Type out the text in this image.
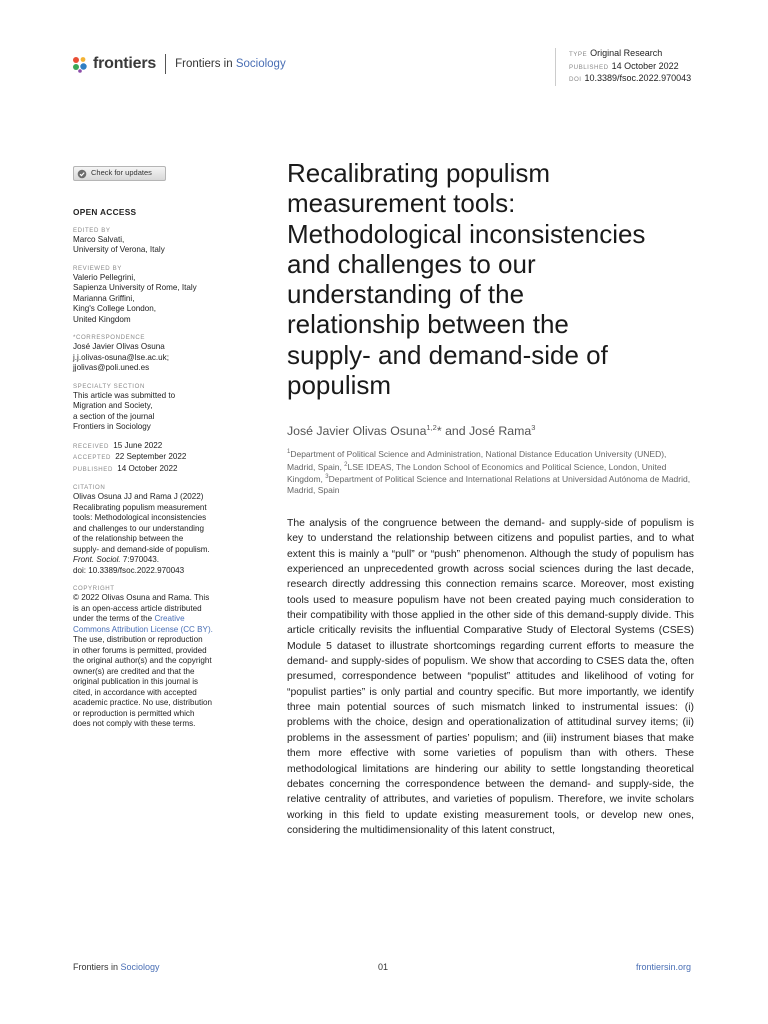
frontiers Frontiers in Sociology
TYPE Original Research
PUBLISHED 14 October 2022
DOI 10.3389/fsoc.2022.970043
Check for updates
OPEN ACCESS
EDITED BY
Marco Salvati,
University of Verona, Italy
REVIEWED BY
Valerio Pellegrini,
Sapienza University of Rome, Italy
Marianna Griffini,
King's College London,
United Kingdom
*CORRESPONDENCE
José Javier Olivas Osuna
j.j.olivas-osuna@lse.ac.uk;
jjolivas@poli.uned.es
SPECIALTY SECTION
This article was submitted to
Migration and Society,
a section of the journal
Frontiers in Sociology
RECEIVED 15 June 2022
ACCEPTED 22 September 2022
PUBLISHED 14 October 2022
CITATION
Olivas Osuna JJ and Rama J (2022)
Recalibrating populism measurement
tools: Methodological inconsistencies
and challenges to our understanding
of the relationship between the
supply- and demand-side of populism.
Front. Sociol. 7:970043.
doi: 10.3389/fsoc.2022.970043
COPYRIGHT
© 2022 Olivas Osuna and Rama. This
is an open-access article distributed
under the terms of the Creative
Commons Attribution License (CC BY).
The use, distribution or reproduction
in other forums is permitted, provided
the original author(s) and the copyright
owner(s) are credited and that the
original publication in this journal is
cited, in accordance with accepted
academic practice. No use, distribution
or reproduction is permitted which
does not comply with these terms.
Recalibrating populism
measurement tools:
Methodological inconsistencies
and challenges to our
understanding of the
relationship between the
supply- and demand-side of
populism
José Javier Olivas Osuna$^{1,2}$* and José Rama$^3$
$^1$Department of Political Science and Administration, National Distance Education University (UNED), Madrid, Spain, $^2$LSE IDEAS, The London School of Economics and Political Science, London, United Kingdom, $^3$Department of Political Science and International Relations at Universidad Autónoma de Madrid, Madrid, Spain

The analysis of the congruence between the demand- and supply-side of populism is key to understand the relationship between citizens and populist parties, and to what extent this is mainly a “pull” or “push” phenomenon. Although the study of populism has experienced an unprecedented growth across social sciences during the last decade, research directly addressing this connection remains scarce. Moreover, most existing tools used to measure populism have not been created paying much consideration to their compatibility with those applied in the other side of this demand-supply divide. This article critically revisits the influential Comparative Study of Electoral Systems (CSES) Module 5 dataset to illustrate shortcomings regarding current efforts to measure the demand- and supply-sides of populism. We show that according to CSES data the, often presumed, correspondence between “populist” attitudes and likelihood of voting for “populist parties” is only partial and country specific. But more importantly, we identify three main potential sources of such mismatch linked to instrumental issues: (i) problems with the choice, design and operationalization of attitudinal survey items; (ii) problems in the assessment of parties’ populism; and (iii) instrument biases that make them more effective with some varieties of populism than with others. These methodological limitations are hindering our ability to settle longstanding theoretical debates concerning the correspondence between the demand- and supply-side, the relative centrality of attributes, and varieties of populism. Therefore, we invite scholars working in this field to update existing measurement tools, or develop new ones, considering the multidimensionality of this latent construct,

Frontiers in Sociology	01	frontiersin.org
